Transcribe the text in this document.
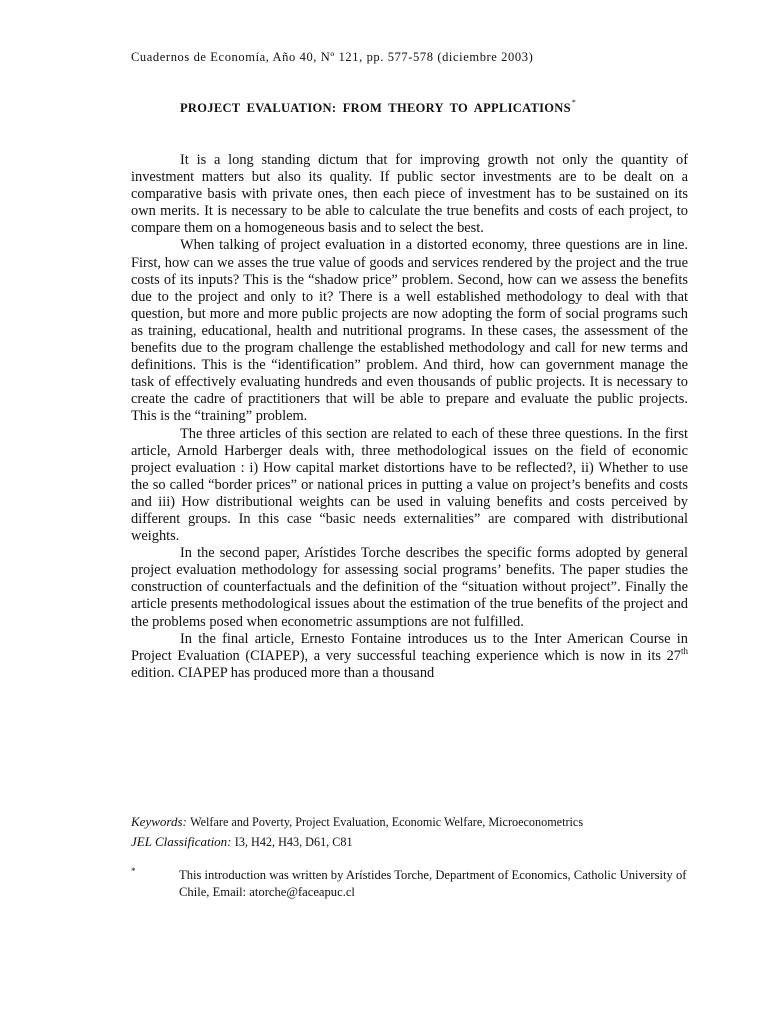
Cuadernos de Economía, Año 40, Nº 121, pp. 577-578 (diciembre 2003)
PROJECT EVALUATION: FROM THEORY TO APPLICATIONS*

It is a long standing dictum that for improving growth not only the quantity of investment matters but also its quality. If public sector investments are to be dealt on a comparative basis with private ones, then each piece of investment has to be sustained on its own merits. It is necessary to be able to calculate the true benefits and costs of each project, to compare them on a homogeneous basis and to select the best.

When talking of project evaluation in a distorted economy, three questions are in line. First, how can we asses the true value of goods and services rendered by the project and the true costs of its inputs? This is the “shadow price” problem. Second, how can we assess the benefits due to the project and only to it? There is a well established methodology to deal with that question, but more and more public projects are now adopting the form of social programs such as training, educational, health and nutritional programs. In these cases, the assessment of the benefits due to the program challenge the established methodology and call for new terms and definitions. This is the “identification” problem. And third, how can government manage the task of effectively evaluating hundreds and even thousands of public projects. It is necessary to create the cadre of practitioners that will be able to prepare and evaluate the public projects. This is the “training” problem.

The three articles of this section are related to each of these three questions. In the first article, Arnold Harberger deals with, three methodological issues on the field of economic project evaluation : i) How capital market distortions have to be reflected?, ii) Whether to use the so called “border prices” or national prices in putting a value on project’s benefits and costs and iii) How distributional weights can be used in valuing benefits and costs perceived by different groups. In this case “basic needs externalities” are compared with distributional weights.

In the second paper, Arístides Torche describes the specific forms adopted by general project evaluation methodology for assessing social programs’ benefits. The paper studies the construction of counterfactuals and the definition of the “situation without project”. Finally the article presents methodological issues about the estimation of the true benefits of the project and the problems posed when econometric assumptions are not fulfilled.

In the final article, Ernesto Fontaine introduces us to the Inter American Course in Project Evaluation (CIAPEP), a very successful teaching experience which is now in its 27th edition. CIAPEP has produced more than a thousand

Keywords: Welfare and Poverty, Project Evaluation, Economic Welfare, Microeconometrics
JEL Classification: I3, H42, H43, D61, C81
*	This introduction was written by Arístides Torche, Department of Economics, Catholic University of Chile, Email: atorche@faceapuc.cl
